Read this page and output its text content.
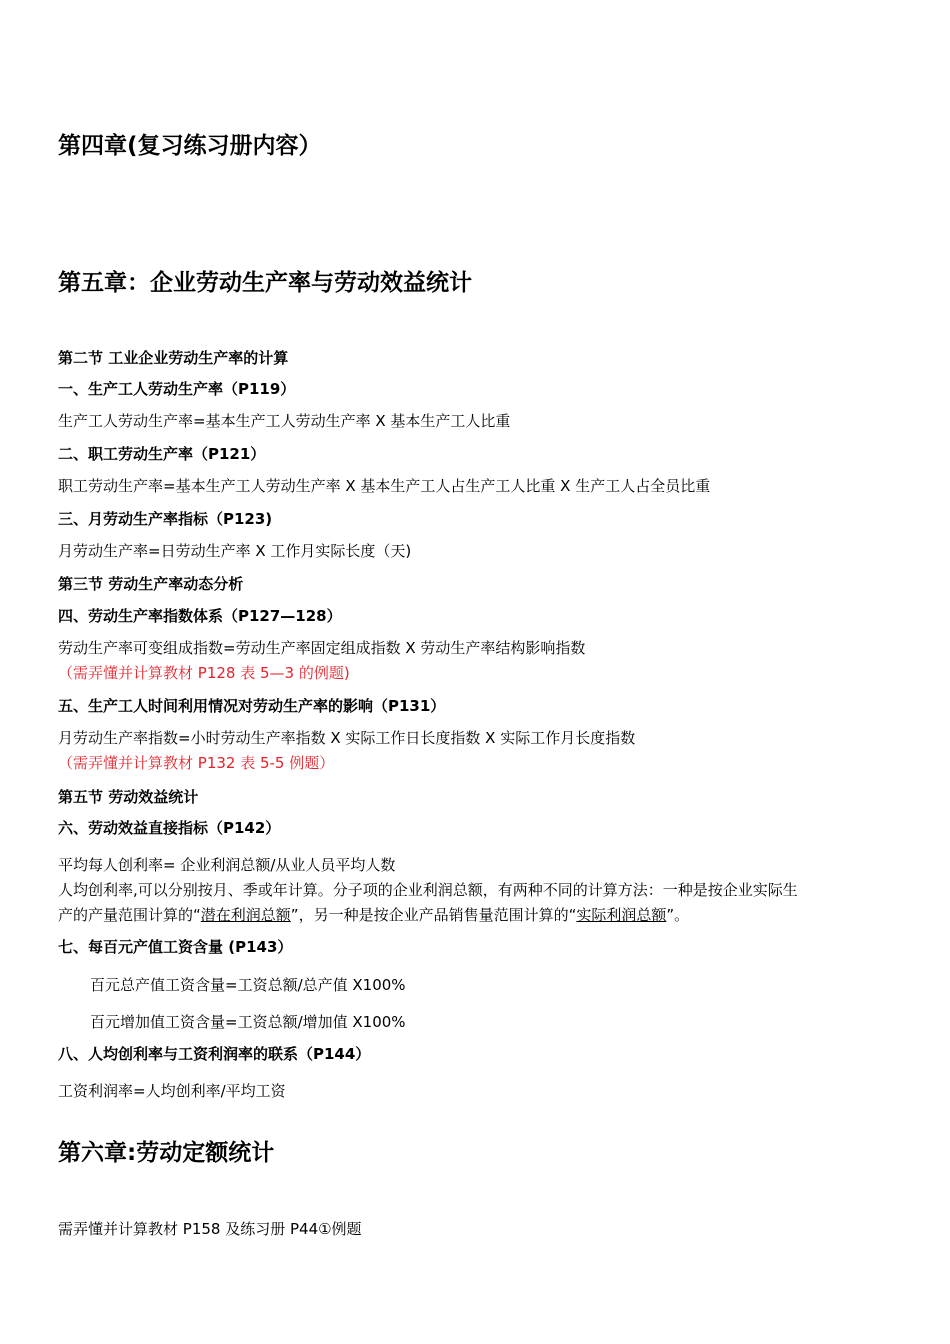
第四章(复习练习册内容）
第五章：企业劳动生产率与劳动效益统计
第二节 工业企业劳动生产率的计算
一、生产工人劳动生产率（P119）
生产工人劳动生产率=基本生产工人劳动生产率 X 基本生产工人比重
二、职工劳动生产率（P121）
职工劳动生产率=基本生产工人劳动生产率 X 基本生产工人占生产工人比重 X 生产工人占全员比重
三、月劳动生产率指标（P123)
月劳动生产率=日劳动生产率 X 工作月实际长度（天)
第三节 劳动生产率动态分析
四、劳动生产率指数体系（P127—128）
劳动生产率可变组成指数=劳动生产率固定组成指数 X 劳动生产率结构影响指数
（需弄懂并计算教材 P128 表 5—3 的例题)
五、生产工人时间利用情况对劳动生产率的影响（P131）
月劳动生产率指数=小时劳动生产率指数 X 实际工作日长度指数 X 实际工作月长度指数
（需弄懂并计算教材 P132 表 5-5 例题）
第五节 劳动效益统计
六、劳动效益直接指标（P142）
平均每人创利率= 企业利润总额/从业人员平均人数
人均创利率,可以分别按月、季或年计算。分子项的企业利润总额，有两种不同的计算方法：一种是按企业实际生
产的产量范围计算的“潜在利润总额”，另一种是按企业产品销售量范围计算的“实际利润总额”。
七、每百元产值工资含量 (P143）
百元总产值工资含量=工资总额/总产值 X100%
百元增加值工资含量=工资总额/增加值 X100%
八、人均创利率与工资利润率的联系（P144）
工资利润率=人均创利率/平均工资
第六章:劳动定额统计
需弄懂并计算教材 P158 及练习册 P44①例题
